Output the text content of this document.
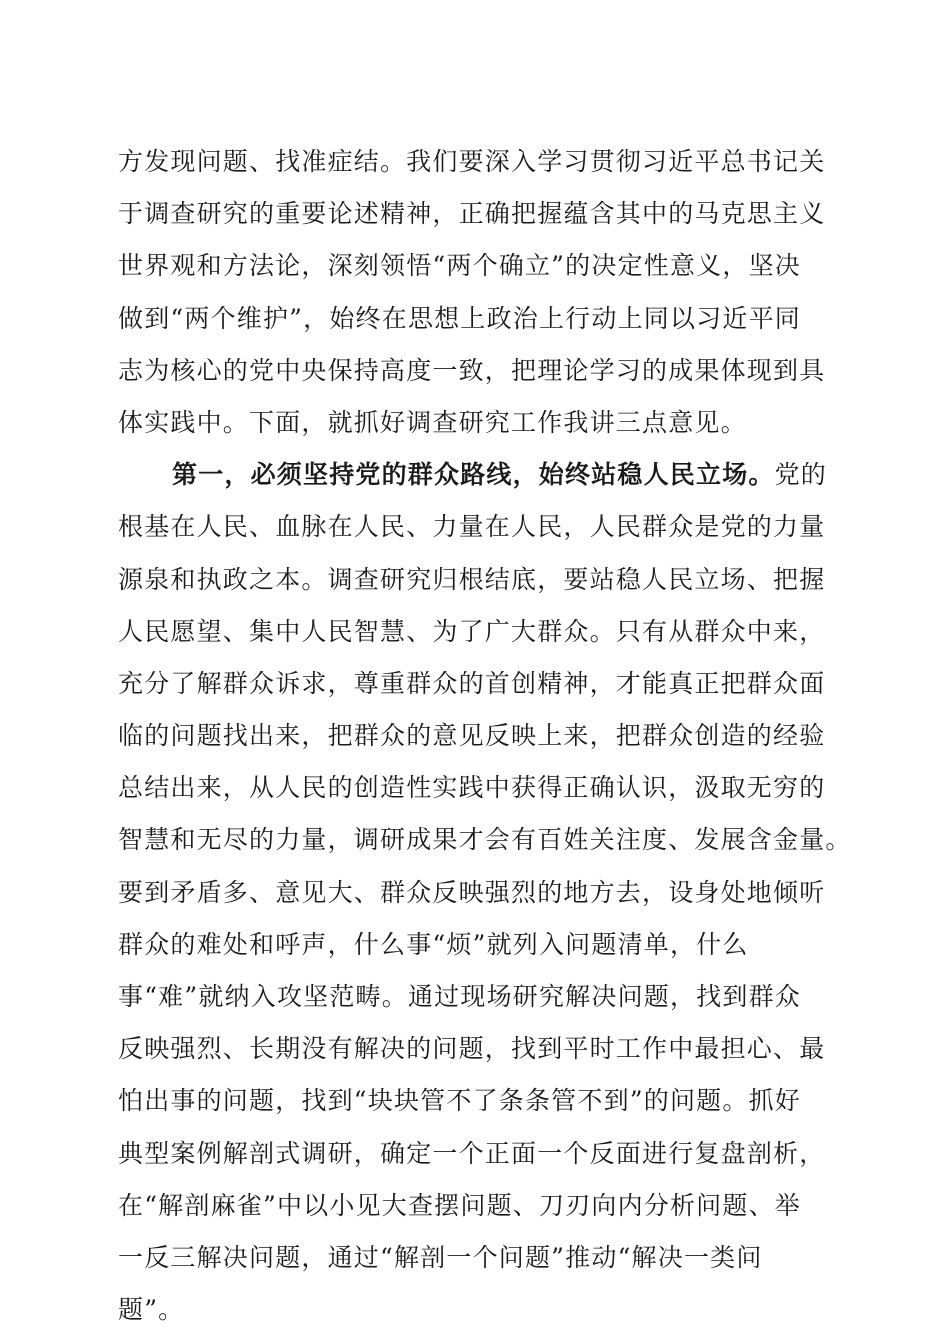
方发现问题、找准症结。我们要深入学习贯彻习近平总书记关
于调查研究的重要论述精神，正确把握蕴含其中的马克思主义
世界观和方法论，深刻领悟“两个确立”的决定性意义，坚决
做到“两个维护”，始终在思想上政治上行动上同以习近平同
志为核心的党中央保持高度一致，把理论学习的成果体现到具
体实践中。下面，就抓好调查研究工作我讲三点意见。
第一，必须坚持党的群众路线，始终站稳人民立场。党的
根基在人民、血脉在人民、力量在人民，人民群众是党的力量
源泉和执政之本。调查研究归根结底，要站稳人民立场、把握
人民愿望、集中人民智慧、为了广大群众。只有从群众中来，
充分了解群众诉求，尊重群众的首创精神，才能真正把群众面
临的问题找出来，把群众的意见反映上来，把群众创造的经验
总结出来，从人民的创造性实践中获得正确认识，汲取无穷的
智慧和无尽的力量，调研成果才会有百姓关注度、发展含金量。
要到矛盾多、意见大、群众反映强烈的地方去，设身处地倾听
群众的难处和呼声，什么事“烦”就列入问题清单，什么
事“难”就纳入攻坚范畴。通过现场研究解决问题，找到群众
反映强烈、长期没有解决的问题，找到平时工作中最担心、最
怕出事的问题，找到“块块管不了条条管不到”的问题。抓好
典型案例解剖式调研，确定一个正面一个反面进行复盘剖析，
在“解剖麻雀”中以小见大查摆问题、刀刃向内分析问题、举
一反三解决问题，通过“解剖一个问题”推动“解决一类问
题”。
